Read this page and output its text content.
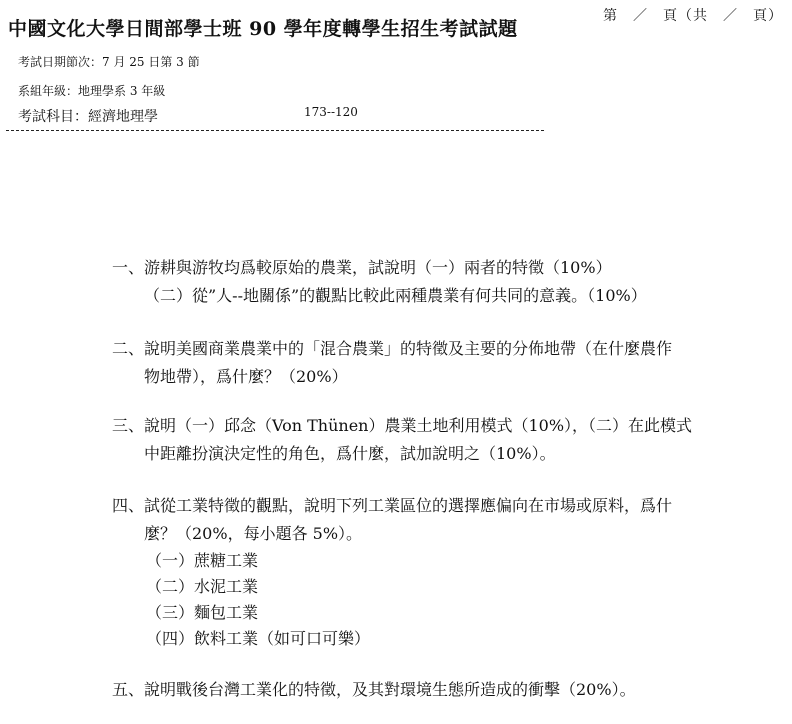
中國文化大學日間部學士班 90 學年度轉學生招生考試試題
第　／　頁（共　／　頁）
考試日期節次：7 月 25 日第 3 節
系組年級：地理學系 3 年級
考試科目：經濟地理學	173--120
一、游耕與游牧均爲較原始的農業，試說明（一）兩者的特徵（10%）
（二）從”人--地關係”的觀點比較此兩種農業有何共同的意義。（10%）
二、說明美國商業農業中的「混合農業」的特徵及主要的分佈地帶（在什麼農作
物地帶），爲什麼？（20%）
三、說明（一）邱念（Von Thünen）農業土地利用模式（10%），（二）在此模式
中距離扮演決定性的角色，爲什麼，試加說明之（10%）。
四、試從工業特徵的觀點，說明下列工業區位的選擇應偏向在市場或原料，爲什
麼？（20%，每小題各 5%）。
（一）蔗糖工業
（二）水泥工業
（三）麵包工業
（四）飲料工業（如可口可樂）
五、說明戰後台灣工業化的特徵，及其對環境生態所造成的衝擊（20%）。
